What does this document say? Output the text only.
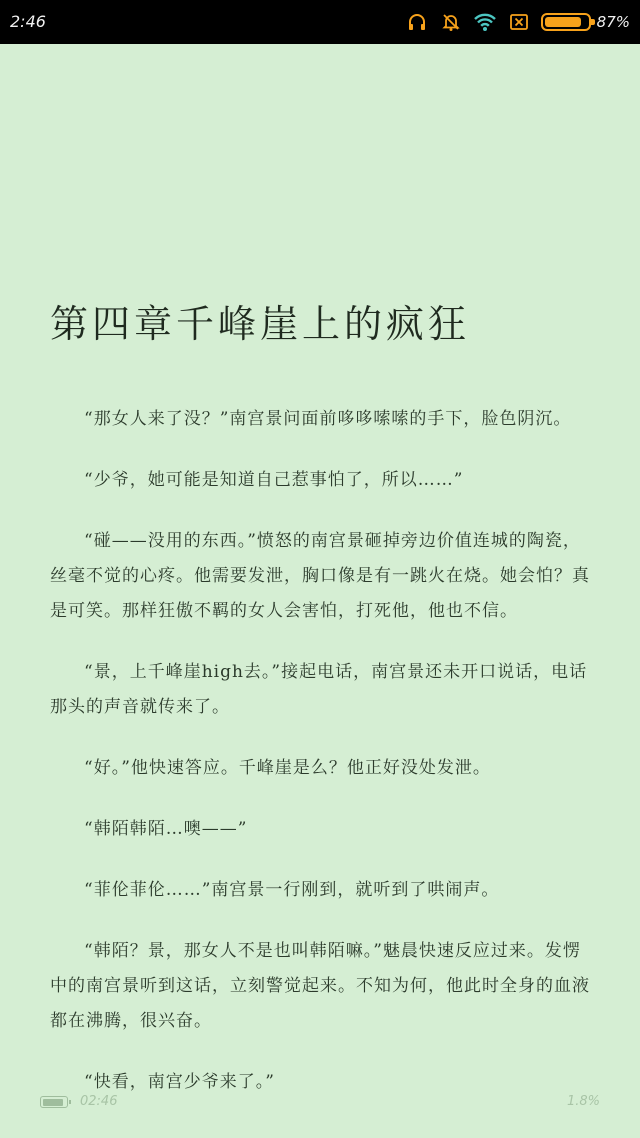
2:46	87%
第四章千峰崖上的疯狂

“那女人来了没？”南宫景问面前哆哆嗦嗦的手下，脸色阴沉。

“少爷，她可能是知道自己惹事怕了，所以……”

“碰——没用的东西。”愤怒的南宫景砸掉旁边价值连城的陶瓷，丝毫不觉的心疼。他需要发泄，胸口像是有一跳火在烧。她会怕？真是可笑。那样狂傲不羁的女人会害怕，打死他，他也不信。

“景，上千峰崖high去。”接起电话，南宫景还未开口说话，电话那头的声音就传来了。

“好。”他快速答应。千峰崖是么？他正好没处发泄。

“韩陌韩陌…噢——”

“菲伦菲伦……”南宫景一行刚到，就听到了哄闹声。

“韩陌？景，那女人不是也叫韩陌嘛。”魅晨快速反应过来。发愣中的南宫景听到这话，立刻警觉起来。不知为何，他此时全身的血液都在沸腾，很兴奋。

“快看，南宫少爷来了。”

02:46	1.8%
